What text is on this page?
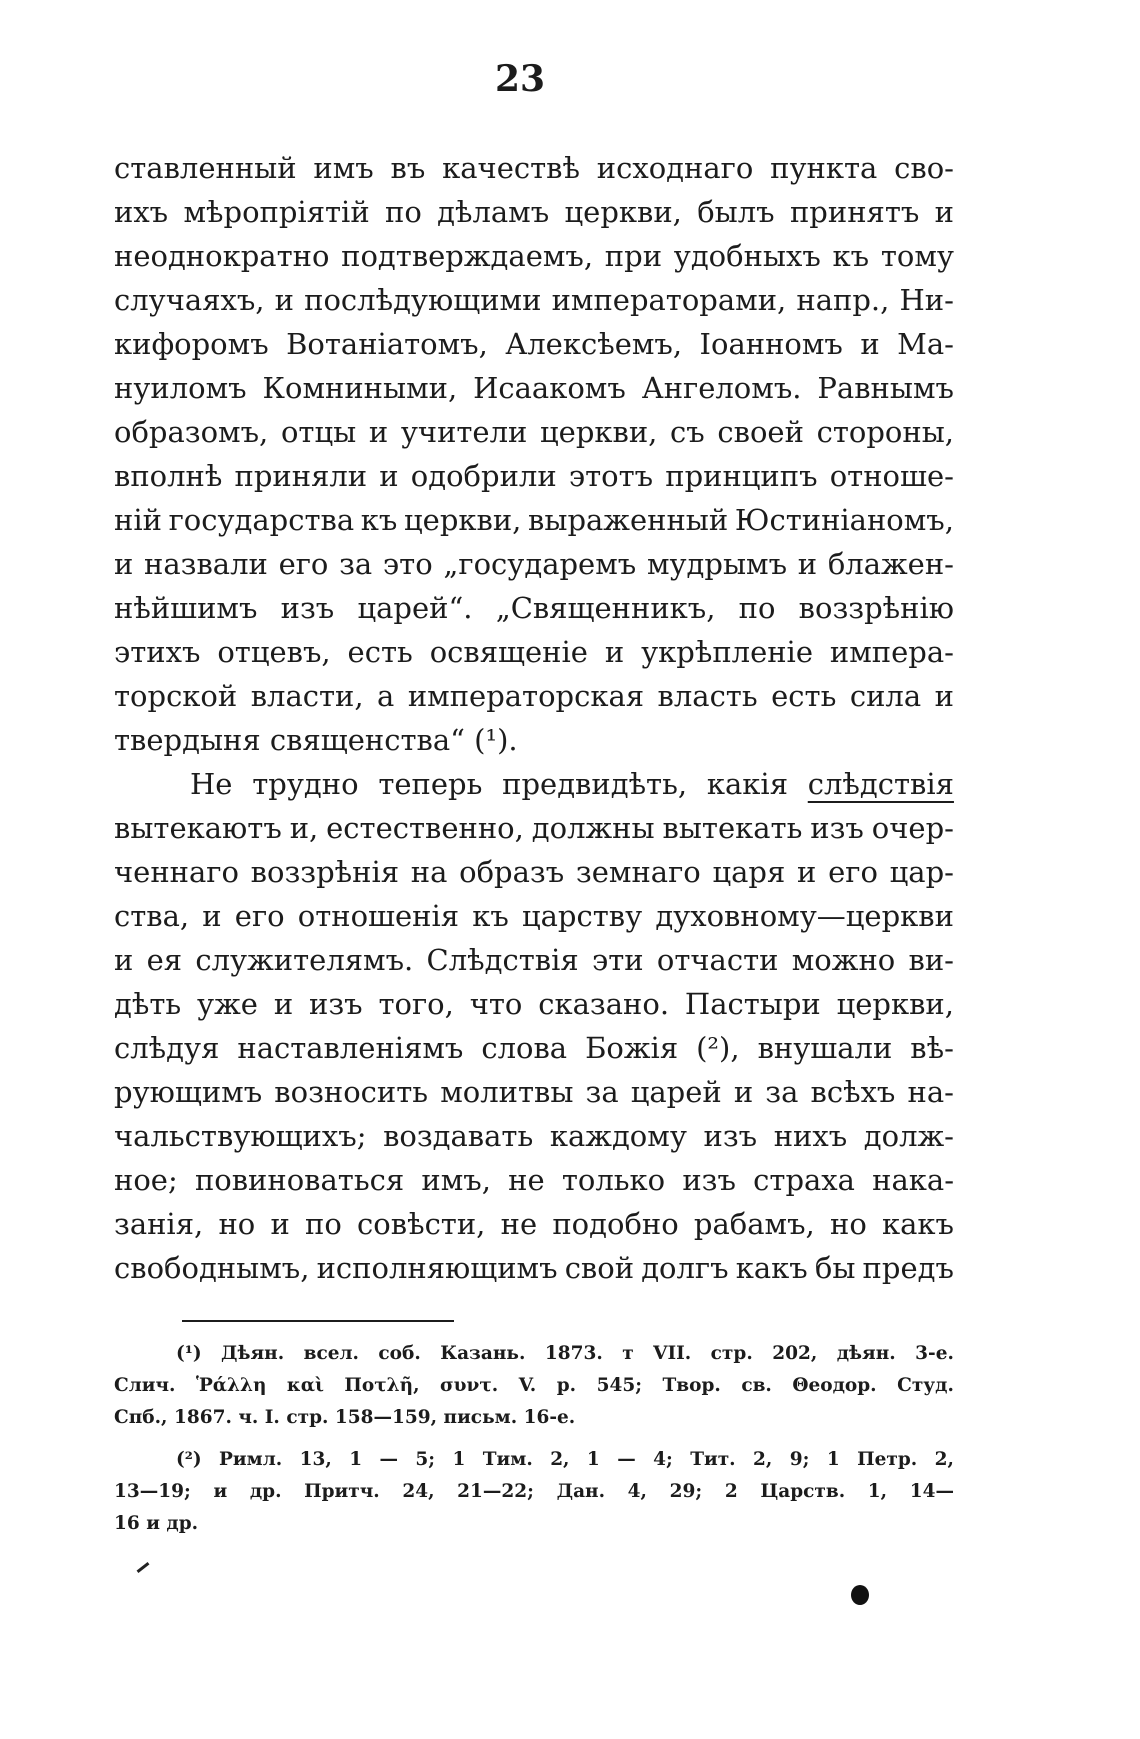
23
ставленный имъ въ качествѣ исходнаго пункта сво-
ихъ мѣропріятій по дѣламъ церкви, былъ принятъ и
неоднократно подтверждаемъ, при удобныхъ къ тому
случаяхъ, и послѣдующими императорами, напр., Ни-
кифоромъ Вотаніатомъ, Алексѣемъ, Іоанномъ и Ма-
нуиломъ Комниными, Исаакомъ Ангеломъ. Равнымъ
образомъ, отцы и учители церкви, съ своей стороны,
вполнѣ приняли и одобрили этотъ принципъ отноше-
ній государства къ церкви, выраженный Юстиніаномъ,
и назвали его за это „государемъ мудрымъ и блажен-
нѣйшимъ изъ царей“. „Священникъ, по воззрѣнію
этихъ отцевъ, есть освященіе и укрѣпленіе импера-
торской власти, а императорская власть есть сила и
твердыня
священства“
(¹).

Не трудно теперь предвидѣть, какія слѣдствія
вытекаютъ и, естественно, должны вытекать изъ очер-
ченнаго воззрѣнія на образъ земнаго царя и его цар-
ства, и его отношенія къ царству духовному—церкви
и ея служителямъ. Слѣдствія эти отчасти можно ви-
дѣть уже и изъ того, что сказано. Пастыри церкви,
слѣдуя наставленіямъ слова Божія (²), внушали вѣ-
рующимъ возносить молитвы за царей и за всѣхъ на-
чальствующихъ; воздавать каждому изъ нихъ долж-
ное; повиноваться имъ, не только изъ страха нака-
занія, но и по совѣсти, не подобно рабамъ, но какъ
свободнымъ, исполняющимъ свой долгъ какъ бы предъ
(¹) Дѣян. всел. соб. Казань. 1873. т VII. стр. 202, дѣян. 3-е.
Слич. Ῥάλλη καὶ Ποτλῆ, συντ. V. p. 545; Твор. св. Θеодор. Студ.
Спб.,
1867.
ч.
I.
стр.
158—159,
письм.
16-е.

(²) Римл. 13, 1 — 5; 1 Тим. 2, 1 — 4; Тит. 2, 9; 1 Петр. 2,
13—19; и др. Притч. 24, 21—22; Дан. 4, 29; 2 Царств. 1, 14—
16
и
др.
